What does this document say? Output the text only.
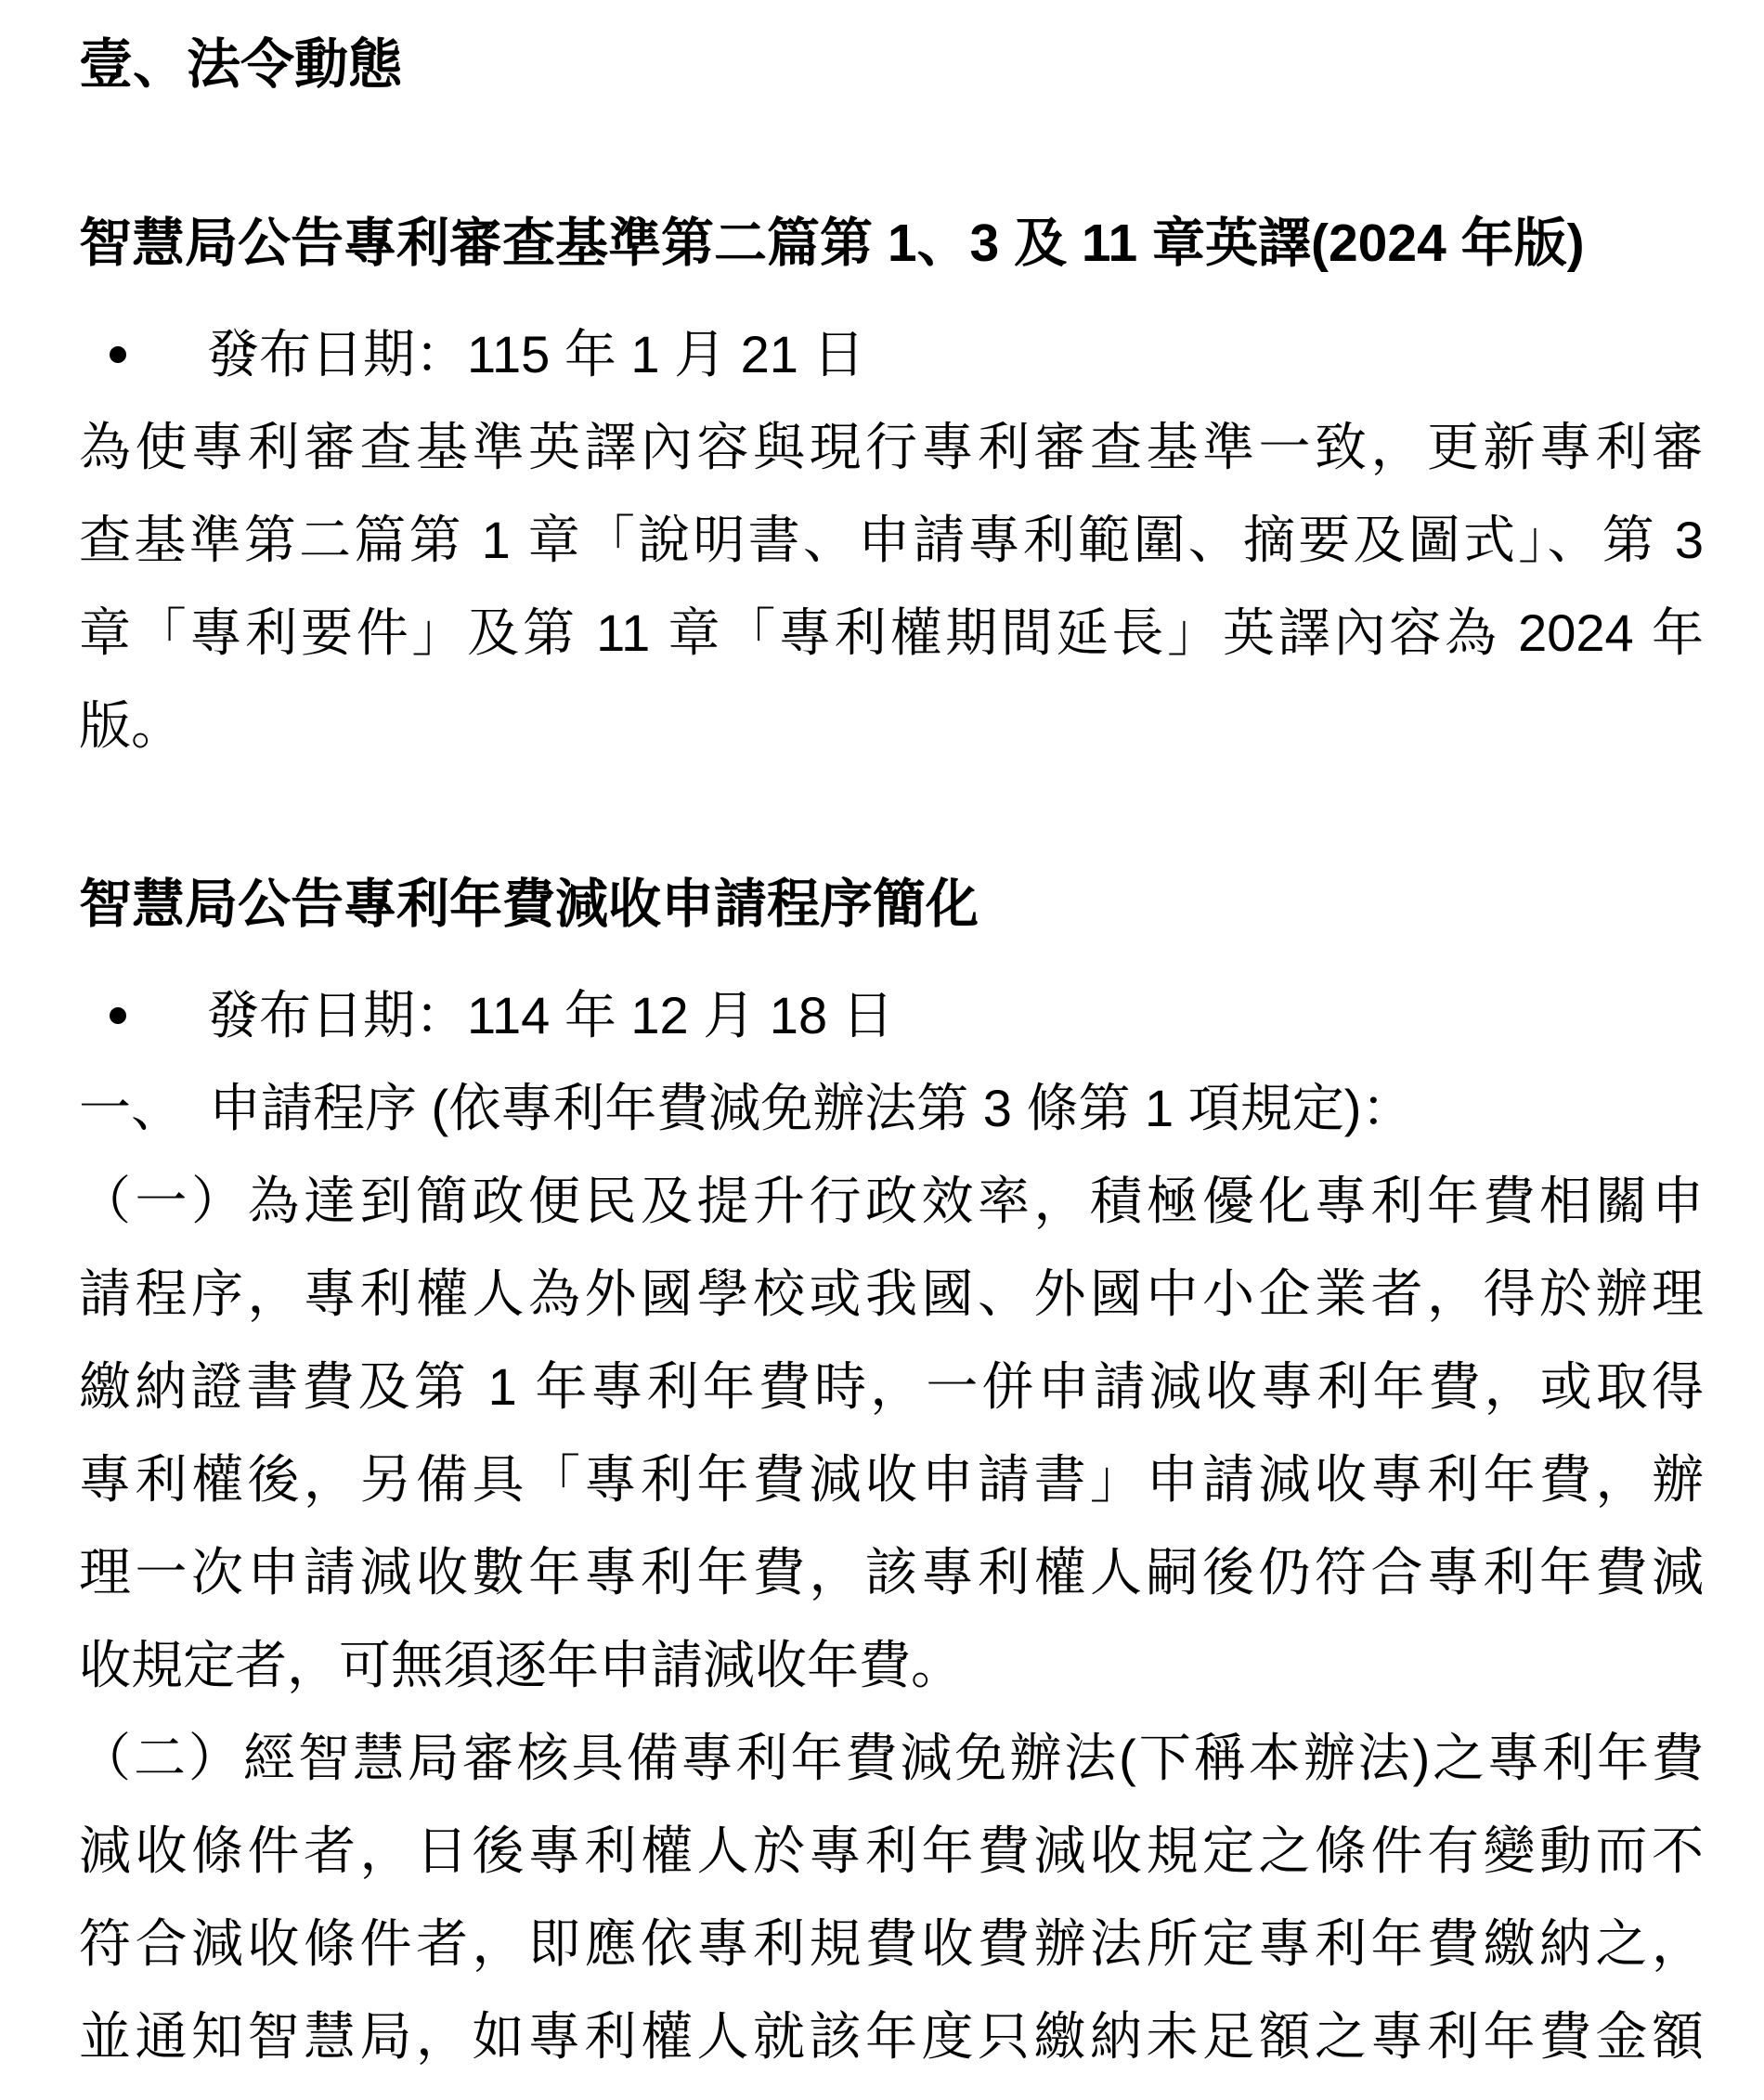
壹、法令動態
智慧局公告專利審查基準第二篇第 1、3 及 11 章英譯(2024 年版)
發布日期：115 年 1 月 21 日
為使專利審查基準英譯內容與現行專利審查基準一致，更新專利審
查基準第二篇第 1 章「說明書、申請專利範圍、摘要及圖式」、第 3
章「專利要件」及第 11 章「專利權期間延長」英譯內容為 2024 年
版。
智慧局公告專利年費減收申請程序簡化
發布日期：114 年 12 月 18 日
一、　申請程序 (依專利年費減免辦法第 3 條第 1 項規定)：
（一）為達到簡政便民及提升行政效率，積極優化專利年費相關申
請程序，專利權人為外國學校或我國、外國中小企業者，得於辦理
繳納證書費及第 1 年專利年費時，一併申請減收專利年費，或取得
專利權後，另備具「專利年費減收申請書」申請減收專利年費，辦
理一次申請減收數年專利年費，該專利權人嗣後仍符合專利年費減
收規定者，可無須逐年申請減收年費。
（二）經智慧局審核具備專利年費減免辦法(下稱本辦法)之專利年費
減收條件者，日後專利權人於專利年費減收規定之條件有變動而不
符合減收條件者，即應依專利規費收費辦法所定專利年費繳納之，
並通知智慧局，如專利權人就該年度只繳納未足額之專利年費金額
